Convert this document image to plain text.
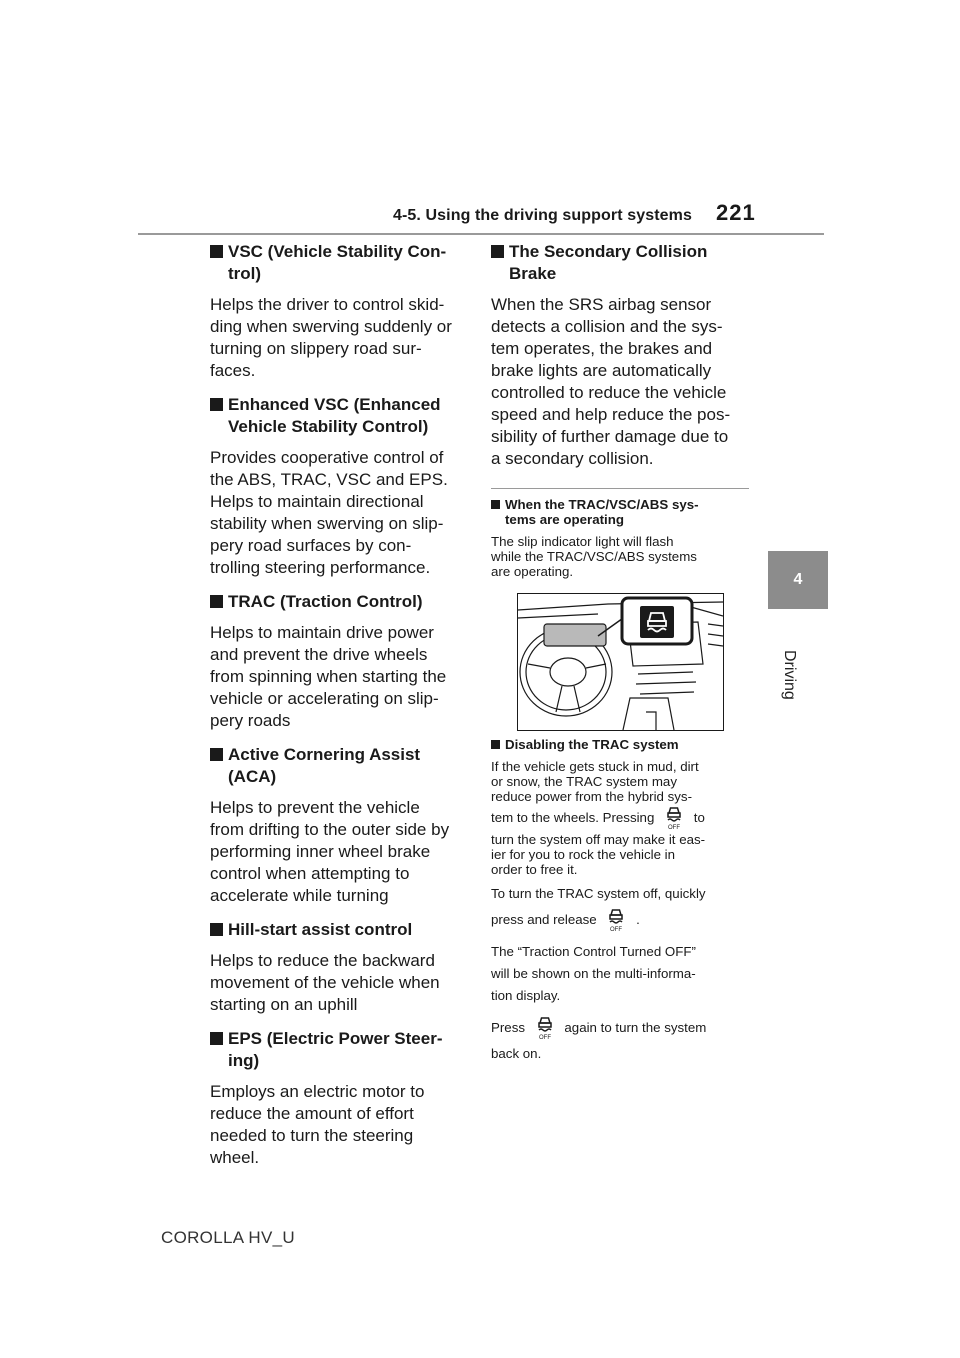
4-5. Using the driving support systems 221
4
Driving
COROLLA HV_U
VSC (Vehicle Stability Con-
trol)
Helps the driver to control skid-
ding when swerving suddenly or
turning on slippery road sur-
faces.
Enhanced VSC (Enhanced
Vehicle Stability Control)
Provides cooperative control of
the ABS, TRAC, VSC and EPS.
Helps to maintain directional
stability when swerving on slip-
pery road surfaces by con-
trolling steering performance.
TRAC (Traction Control)
Helps to maintain drive power
and prevent the drive wheels
from spinning when starting the
vehicle or accelerating on slip-
pery roads
Active Cornering Assist
(ACA)
Helps to prevent the vehicle
from drifting to the outer side by
performing inner wheel brake
control when attempting to
accelerate while turning
Hill-start assist control
Helps to reduce the backward
movement of the vehicle when
starting on an uphill
EPS (Electric Power Steer-
ing)
Employs an electric motor to
reduce the amount of effort
needed to turn the steering
wheel.
The Secondary Collision
Brake
When the SRS airbag sensor
detects a collision and the sys-
tem operates, the brakes and
brake lights are automatically
controlled to reduce the vehicle
speed and help reduce the pos-
sibility of further damage due to
a secondary collision.
When the TRAC/VSC/ABS sys-
tems are operating
The slip indicator light will flash
while the TRAC/VSC/ABS systems
are operating.
Disabling the TRAC system
If the vehicle gets stuck in mud, dirt
or snow, the TRAC system may
reduce power from the hybrid sys-
tem to the wheels. Pressing
OFF
to
turn the system off may make it eas-
ier for you to rock the vehicle in
order to free it.
To turn the TRAC system off, quickly
press and release
OFF
.
The “Traction Control Turned OFF”
will be shown on the multi-informa-
tion display.
Press
OFF
again to turn the system
back on.
